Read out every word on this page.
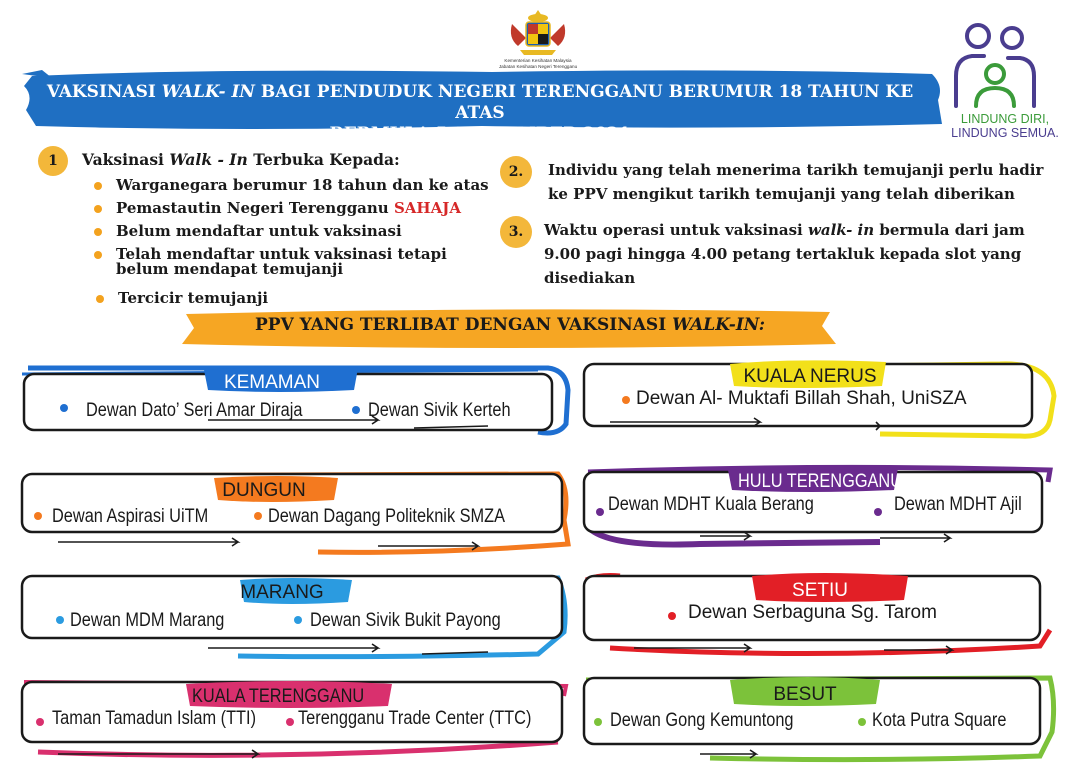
Kementerian Kesihatan Malaysia
Jabatan Kesihatan Negeri Terengganu
LINDUNG DIRI,
LINDUNG SEMUA.
VAKSINASI WALK- IN BAGI PENDUDUK NEGERI TERENGGANU BERUMUR 18 TAHUN KE ATAS
BERMULA 5 SEPTEMBER 2021
1	Vaksinasi Walk - In Terbuka Kepada:
Warganegara berumur 18 tahun dan ke atas
Pemastautin Negeri Terengganu SAHAJA
Belum mendaftar untuk vaksinasi
Telah mendaftar untuk vaksinasi tetapi belum mendapat temujanji
Tercicir temujanji
2.	Individu yang telah menerima tarikh temujanji perlu hadir
ke PPV mengikut tarikh temujanji yang telah diberikan
3.	Waktu operasi untuk vaksinasi walk- in bermula dari jam
9.00 pagi hingga 4.00 petang tertakluk kepada slot yang
disediakan
PPV YANG TERLIBAT DENGAN VAKSINASI WALK-IN:
KEMAMAN
Dewan Dato’ Seri Amar Diraja	Dewan Sivik Kerteh
KUALA NERUS
Dewan Al- Muktafi Billah Shah, UniSZA
DUNGUN
Dewan Aspirasi UiTM	Dewan Dagang Politeknik SMZA
HULU TERENGGANU
Dewan MDHT Kuala Berang	Dewan MDHT Ajil
MARANG
Dewan MDM Marang	Dewan Sivik Bukit Payong
SETIU
Dewan Serbaguna Sg. Tarom
KUALA TERENGGANU
Taman Tamadun Islam (TTI) Terengganu Trade Center (TTC)
BESUT
Dewan Gong Kemuntong	Kota Putra Square
